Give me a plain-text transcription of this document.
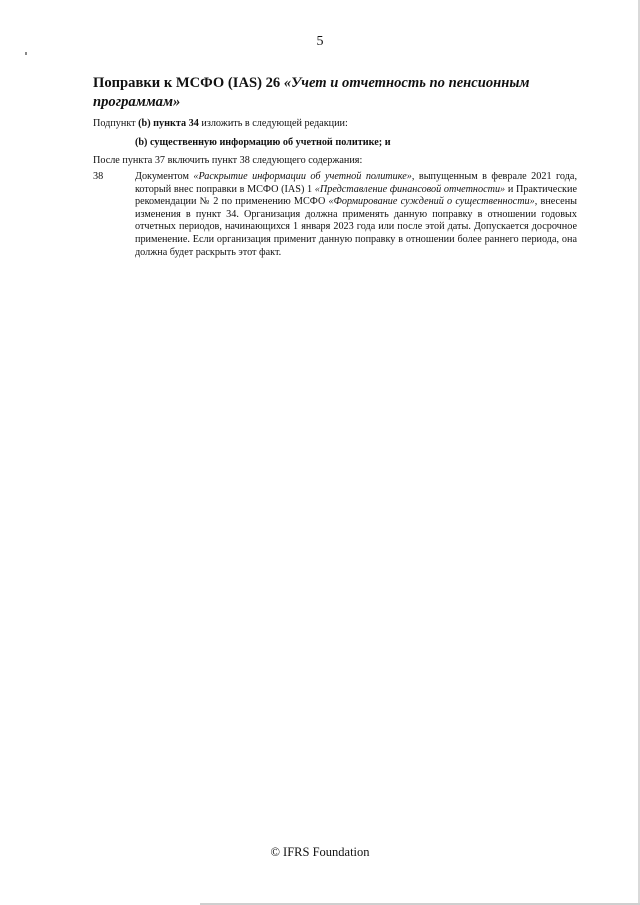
5
Поправки к МСФО (IAS) 26 «Учет и отчетность по пенсионным программам»

Подпункт (b) пункта 34 изложить в следующей редакции:

(b) существенную информацию об учетной политике; и

После пункта 37 включить пункт 38 следующего содержания:

38	Документом «Раскрытие информации об учетной политике», выпущенным в феврале 2021 года, который внес поправки в МСФО (IAS) 1 «Представление финансовой отчетности» и Практические рекомендации № 2 по применению МСФО «Формирование суждений о существенности», внесены изменения в пункт 34. Организация должна применять данную поправку в отношении годовых отчетных периодов, начинающихся 1 января 2023 года или после этой даты. Допускается досрочное применение. Если организация применит данную поправку в отношении более раннего периода, она должна будет раскрыть этот факт.

© IFRS Foundation
